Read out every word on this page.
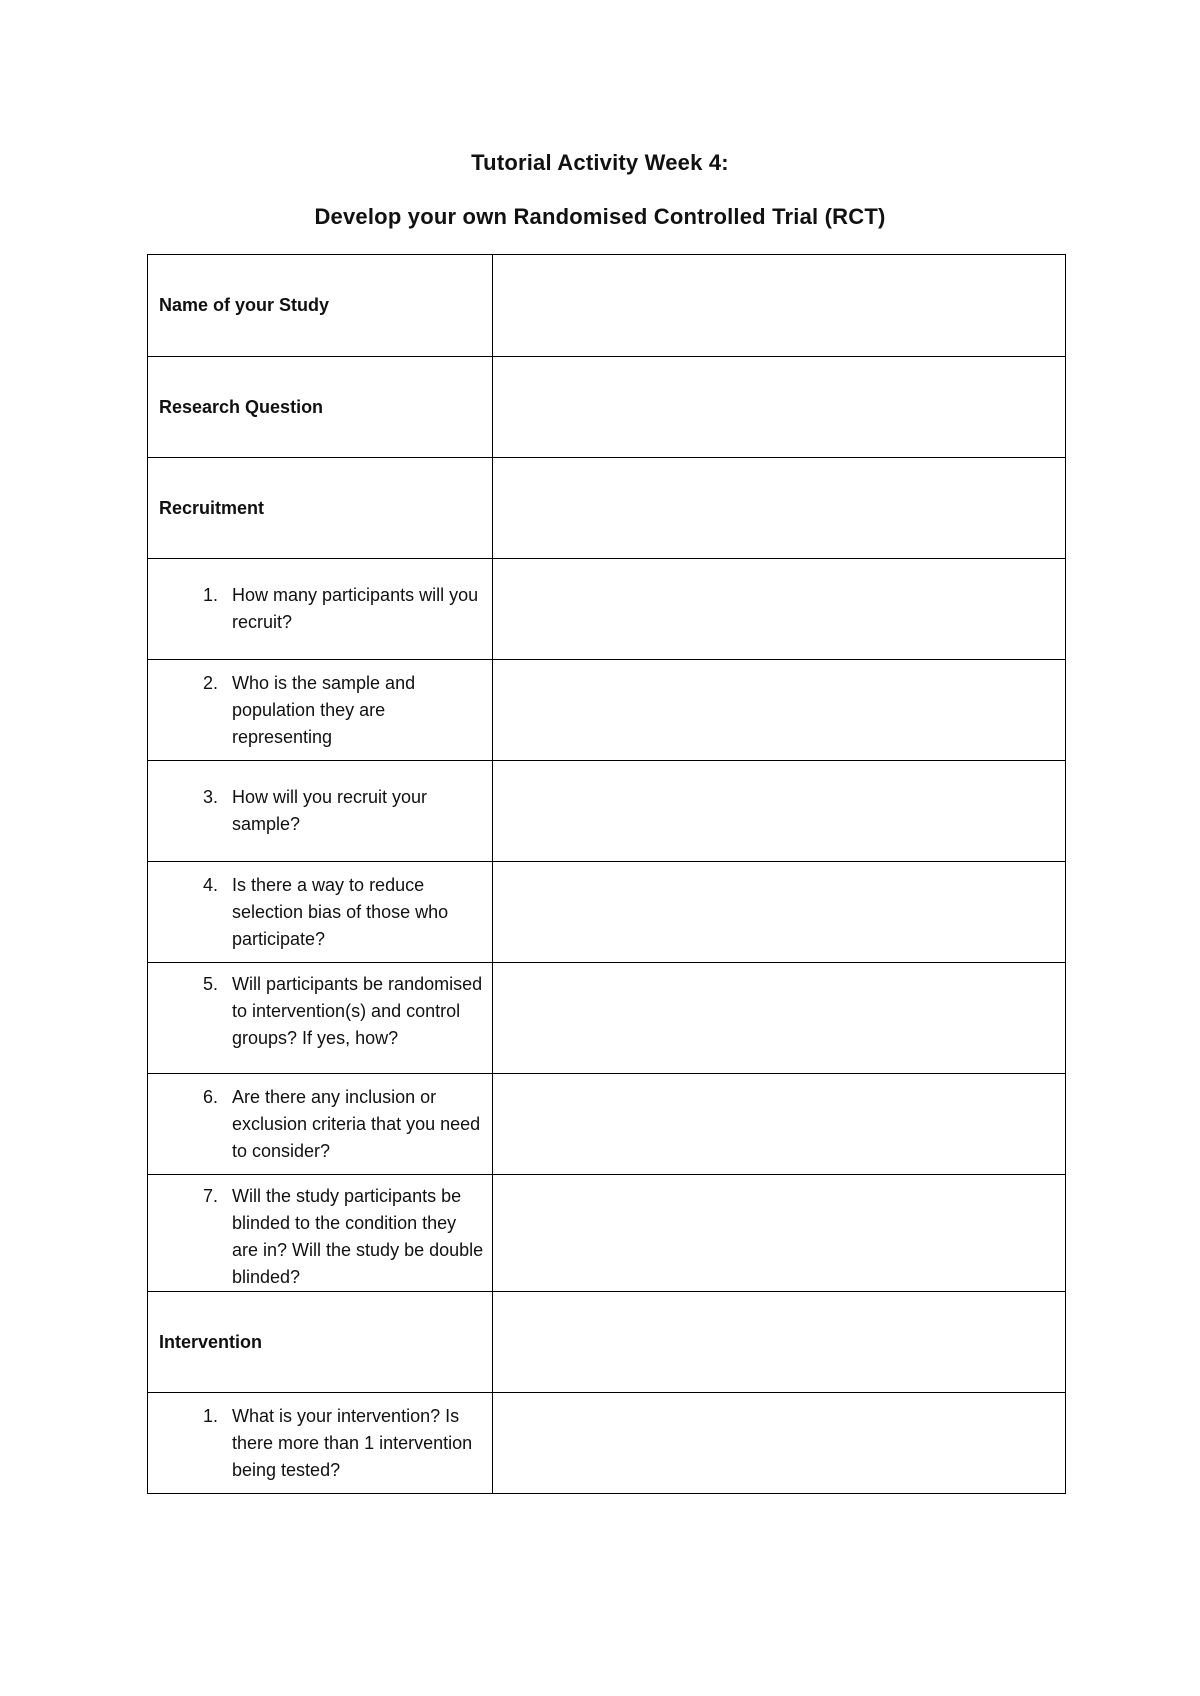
Tutorial Activity Week 4:
Develop your own Randomised Controlled Trial (RCT)
Name of your Study	

Research Question	

Recruitment	

1. How many participants will you recruit?	

2. Who is the sample and population they are representing	

3. How will you recruit your sample?	

4. Is there a way to reduce selection bias of those who participate?	

5. Will participants be randomised to intervention(s) and control groups? If yes, how?	

6. Are there any inclusion or exclusion criteria that you need to consider?	

7. Will the study participants be blinded to the condition they are in? Will the study be double blinded?	

Intervention	

1. What is your intervention? Is there more than 1 intervention being tested?	
